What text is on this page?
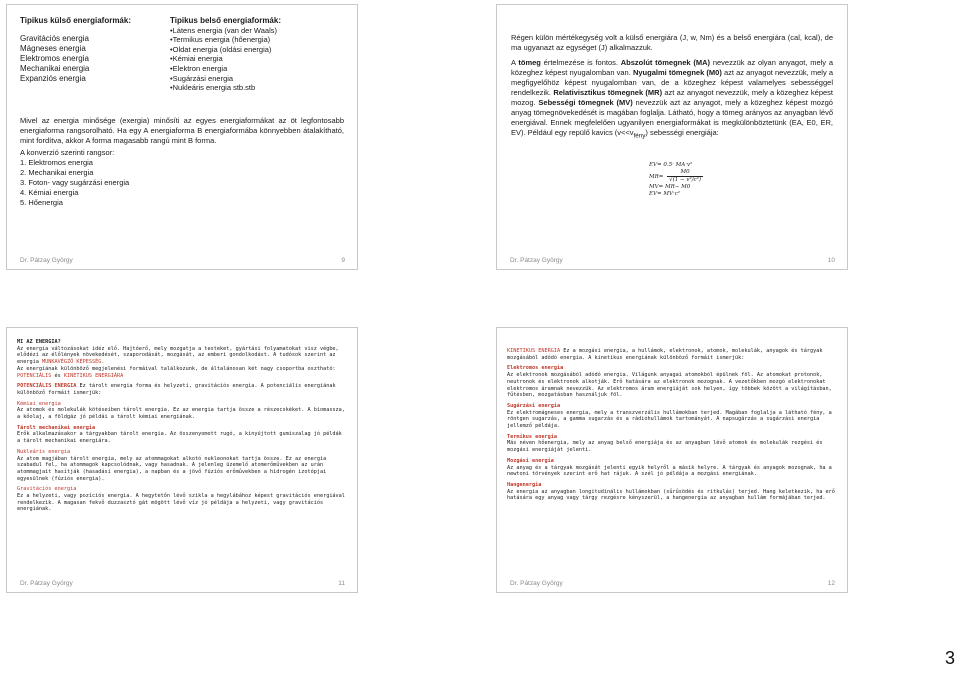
Tipikus külső energiaformák:
Gravitációs energia
Mágneses energia
Elektromos energia
Mechanikai energia
Expanziós energia
Tipikus belső energiaformák:
•Látens energia (van der Waals)
•Termikus energia (hőenergia)
•Oldat energia (oldási energia)
•Kémiai energia
•Elektron energia
•Sugárzási energia
•Nukleáris energia stb.stb
Mivel az energia minősége (exergia) minősíti az egyes energiaformákat az öt legfontosabb energiaforma rangsorolható. Ha egy A energiaforma B energiaformába könnyebben átalakítható, mint fordítva, akkor A forma magasabb rangú mint B forma.
A konverzió szerinti rangsor:
1. Elektromos energia
2. Mechanikai energia
3. Foton- vagy sugárzási energia
4. Kémiai energia
5. Hőenergia
Dr. Pátzay György	9

Régen külön mértékegység volt a külső energiára (J, w, Nm) és a belső energiára (cal, kcal), de ma ugyanazt az egységet (J) alkalmazzuk.

A tömeg értelmezése is fontos. Abszolút tömegnek (MA) nevezzük az olyan anyagot, mely a közeghez képest nyugalomban van. Nyugalmi tömegnek (M0) azt az anyagot nevezzük, mely a megfigyelőhöz képest nyugalomban van, de a közeghez képest valamelyes sebességgel rendelkezik. Relativisztikus tömegnek (MR) azt az anyagot nevezzük, mely a közeghez képest mozog. Sebességi tömegnek (MV) nevezzük azt az anyagot, mely a közeghez képest mozgó anyag tömegnövekedését is magában foglalja. Látható, hogy a tömeg arányos az anyagban lévő energiával. Ennek megfelelően ugyanilyen energiaformákat is megkülönböztetünk (EA, E0, ER, EV). Például egy repülő kavics $(v<<v_{fény})$ sebességi energiája:

EV= 0.5· MA·v²
$MR= \frac{M0}{\text{√(1 − v²/c²)}}$
MV= MR− M0
EV= MV·c²
Dr. Pátzay György	10

MI AZ ENERGIA?

Az energia változásokat idéz elő. Hajtóerő, mely mozgatja a testeket, gyártási folyamatokat visz végbe, elődézi az élőlények növekedését, szaporodását, mozgását, az emberi gondolkodást. A tudósok szerint az energia MUNKAVÉGZŐ KÉPESSÉG.
Az energiának különböző megjelenési formáival találkozunk, de általánosan két nagy csoportba osztható: POTENCIÁLIS és KINETIKUS ENERGIÁRA

POTENCIÁLIS ENERGIA Ez tárolt energia forma és helyzeti, gravitációs energia. A potenciális energiának különböző formáit ismerjük:

Kémiai energia
Az atomok és molekulák kötéseiben tárolt energia. Ez az energia tartja össze a részecskéket. A biomassza, a kőolaj, a földgáz jó példái a tárolt kémiai energiának.

Tárolt mechanikai energia
Erők alkalmazásakor a tárgyakban tárolt energia. Az összenyomott rugó, a kinyújtott gumiszalag jó példák a tárolt mechanikai energiára.

Nukleáris energia
Az atom magjában tárolt energia, mely az atommagokat alkotó nukleonokat tartja össze. Ez az energia szabadul fel, ha atommagok kapcsolódnak, vagy hasadnak. A jelenleg üzemelő atomerőművekben az urán atommagjait hasítják (hasadási energia), a napban és a jövő fúziós erőművekben a hidrogén izotópjai egyesülnek (fúziós energia).

Gravitációs energia
Ez a helyzeti, vagy pozíciós energia. A hegytetőn lévő szikla a hegylábához képest gravitációs energiával rendelkezik. A magasan fekvő duzzasztó gát mögött lévő víz jó példája a helyzeti, vagy gravitációs energiának.

Dr. Pátzay György	11

KINETIKUS ENERGIA Ez a mozgási energia, a hullámok, elektronok, atomok, molekulák, anyagok és tárgyak mozgásából adódó energia. A kinetikus energiának különböző formáit ismerjük:

Elektromos energia
Az elektronok mozgásából adódó energia. Világunk anyagai atomokból épülnek föl. Az atomokat protonok, neutronok és elektronok alkotják. Erő hatására az elektronok mozognak. A vezetőkben mozgó elektronokat elektromos áramnak nevezzük. Az elektromos áram energiáját sok helyen, így többek között a világításban, fűtésben, mozgatásban használjuk föl.

Sugárzási energia
Ez elektromágneses energia, mely a transzverzális hullámokban terjed. Magában foglalja a látható fény, a röntgen sugarzás, a gamma sugarzás és a rádióhullámok tartományát. A napsugárzás a sugárzási energia jellemző példája.

Termikus energia
Más néven hőenergia, mely az anyag belső energiája és az anyagban lévő atomok és molekulák rezgési és mozgási energiáját jelenti.

Mozgási energia
Az anyag és a tárgyak mozgását jelenti egyik helyről a másik helyre. A tárgyak és anyagok mozognak, ha a newtoni törvények szerint erő hat rájuk. A szél jó példája a mozgási energiának.

Hangenergia
Az energia az anyagban longitudinális hullámokban (sűrűsödés és ritkulás) terjed. Hang keletkezik, ha erő hatására egy anyag vagy tárgy rezgésre kényszerül, a hangenergia az anyagban hullám formájában terjed.

Dr. Pátzay György	12
3
